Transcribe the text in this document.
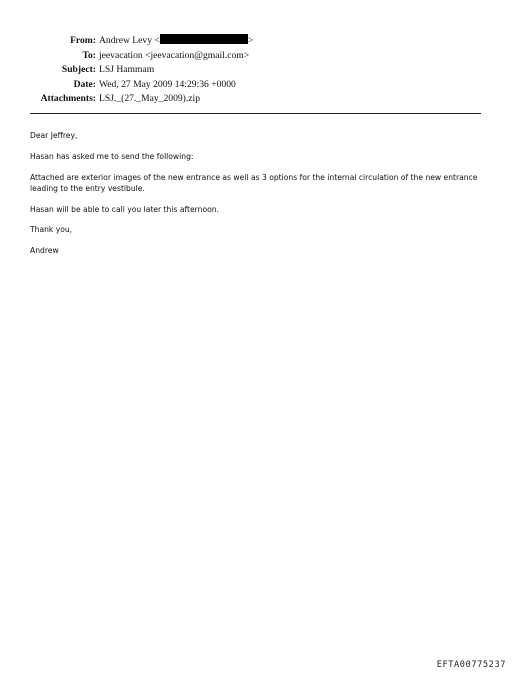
From: Andrew Levy <	>
To: jeevacation <jeevacation@gmail.com>
Subject: LSJ Hammam
Date: Wed, 27 May 2009 14:29:36 +0000
Attachments: LSJ._(27._May_2009).zip

Dear Jeffrey,

Hasan has asked me to send the following:

Attached are exterior images of the new entrance as well as 3 options for the internal circulation of the new entrance leading to the entry vestibule.

Hasan will be able to call you later this afternoon.

Thank you,

Andrew

EFTA00775237
